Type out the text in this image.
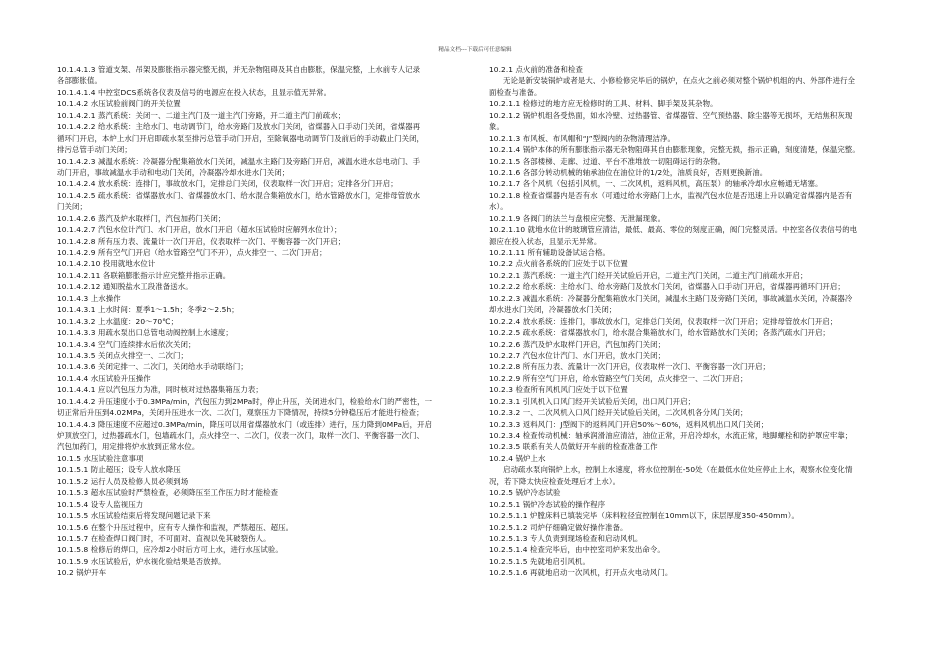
精品文档---下载后可任意编辑
10.1.4.1.3 管道支架、吊架及膨胀指示器完整无损，并无杂物阻碍及其自由膨胀，保温完整，上水前专人记录
各部膨胀值。
10.1.4.1.4 中控室DCS系统各仪表及信号的电源应在投入状态，且显示值无异常。
10.1.4.2 水压试验前阀门的开关位置
10.1.4.2.1 蒸汽系统：关闭一、二道主汽门及一道主汽门旁路，开二道主汽门前疏水；
10.1.4.2.2 给水系统：主给水门、电动调节门，给水旁路门及放水门关闭，省煤器入口手动门关闭，省煤器再
循环门开启，本炉上水门开启即疏水泵至排污总管手动门开启，至除氧器电动调节门及前后的手动截止门关闭，
排污总管手动门关闭；
10.1.4.2.3 减温水系统：冷凝器分配集箱放水门关闭，减温水主路门及旁路门开启，减温水进水总电动门、手
动门开启，事故减温水手动和电动门关闭，冷凝器冷却水进水门关闭；
10.1.4.2.4 放水系统：连排门，事故放水门，定排总门关闭，仪表取样一次门开启；定排各分门开启；
10.1.4.2.5 疏水系统：省煤器放水门、省煤器放水门、给水混合集箱放水门，给水管路放水门，定排母管放水
门关闭；
10.1.4.2.6 蒸汽及炉水取样门，汽包加药门关闭；
10.1.4.2.7 汽包水位计汽门、水门开启，放水门开启（超水压试验时应解列水位计）；
10.1.4.2.8 所有压力表、流量计一次门开启，仪表取样一次门、平衡容器一次门开启；
10.1.4.2.9 所有空气门开启（给水管路空气门不开），点火排空一、二次门开启；
10.1.4.2.10 投用就地水位计
10.1.4.2.11 各联箱膨胀指示计应完整并指示正确。
10.1.4.2.12 通知脱盐水工段准备送水。
10.1.4.3 上水操作
10.1.4.3.1 上水时间：夏季1～1.5h；冬季2～2.5h；
10.1.4.3.2 上水温度：20～70℃；
10.1.4.3.3 用疏水泵出口总管电动阀控制上水速度；
10.1.4.3.4 空气门连续排水后依次关闭；
10.1.4.3.5 关闭点火排空一、二次门；
10.1.4.3.6 关闭定排一、二次门，关闭给水手动联络门；
10.1.4.4 水压试验升压操作
10.1.4.4.1 应以汽包压力为准，同时核对过热器集箱压力表；
10.1.4.4.2 升压速度小于0.3MPa/min，汽包压力到2MPa时，停止升压，关闭进水门，检验给水门的严密性，一
切正常后升压到4.02MPa，关闭升压进水一次、二次门，观察压力下降情况，持续5分钟稳压后才能进行检查；
10.1.4.4.3 降压速度不应超过0.3MPa/min，降压可以用省煤器放水门（或连排）进行，压力降到0MPa后，开启
炉顶放空门，过热器疏水门，包墙疏水门，点火排空一、二次门，仪表一次门，取样一次门、平衡容器一次门、
汽包加药门，用定排将炉水放到正常水位。
10.1.5 水压试验注意事项
10.1.5.1 防止超压；设专人放水降压
10.1.5.2 运行人员及检修人员必须到场
10.1.5.3 超水压试验时严禁检查，必须降压至工作压力时才能检查
10.1.5.4 设专人监视压力
10.1.5.5 水压试验结束后将发现问题记录下来
10.1.5.6 在整个升压过程中，应有专人操作和监视，严禁超压、超压。
10.1.5.7 在检查焊口阀门时，不可面对、直视以免其破裂伤人。
10.1.5.8 检修后的焊口，应冷却2小时后方可上水，进行水压试验。
10.1.5.9 水压试验后，炉水视化验结果是否放掉。
10.2 锅炉开车
10.2.1 点火前的准备和检查
无论是新安装锅炉或者是大、小修检修完毕后的锅炉，在点火之前必须对整个锅炉机组的内、外部件进行全
面检查与准备。
10.2.1.1 检修过的地方应无检修时的工具、材料、脚手架及其杂物。
10.2.1.2 锅炉机组各受热面，如水冷壁、过热器管、省煤器管、空气预热器、除尘器等无损坏，无结焦积灰现
象。
10.2.1.3 布风板、布风帽和“J”型阀内的杂物清理洁净。
10.2.1.4 锅炉本体的所有膨胀指示器无杂物阻碍其自由膨胀现象，完整无损，指示正确，刻度清楚，保温完整。
10.2.1.5 各部楼梯、走廊、过道、平台不准堆放一切阻碍运行的杂物。
10.2.1.6 各部分转动机械的轴承油位在油位计的1/2处，油质良好，否则更换新油。
10.2.1.7 各个风机（包括引风机，一、二次风机，返料风机，高压泵）的轴承冷却水应畅通无堵塞。
10.2.1.8 检查省煤器内是否有水（可通过给水旁路门上水，监视汽包水位是否迅速上升以确定省煤器内是否有
水）。
10.2.1.9 各阀门的法兰与盘根应完整、无泄漏现象。
10.2.1.10 就地水位计的玻璃管应清洁，最低、最高、零位的刻度正确，阀门完整灵活。中控室各仪表信号的电
源应在投入状态，且显示无异常。
10.2.1.11 所有辅助设备试运合格。
10.2.2 点火前各系统的门应处于以下位置
10.2.2.1 蒸汽系统：一道主汽门经开关试验后开启，二道主汽门关闭，二道主汽门前疏水开启；
10.2.2.2 给水系统：主给水门、给水旁路门及放水门关闭，省煤器入口手动门开启，省煤器再循环门开启；
10.2.2.3 减温水系统：冷凝器分配集箱放水门关闭，减温水主路门及旁路门关闭，事故减温水关闭，冷凝器冷
却水进水门关闭，冷凝器放水门关闭；
10.2.2.4 放水系统：连排门，事故放水门，定排总门关闭，仪表取样一次门开启；定排母管放水门开启；
10.2.2.5 疏水系统：省煤器放水门，给水混合集箱放水门，给水管路放水门关闭；各蒸汽疏水门开启；
10.2.2.6 蒸汽及炉水取样门开启，汽包加药门关闭；
10.2.2.7 汽包水位计汽门、水门开启，放水门关闭；
10.2.2.8 所有压力表、流量计一次门开启，仪表取样一次门、平衡容器一次门开启；
10.2.2.9 所有空气门开启，给水管路空气门关闭，点火排空一、二次门开启；
10.2.3 检查所有风机风门应处于以下位置
10.2.3.1 引风机入口风门经开关试验后关闭，出口风门开启；
10.2.3.2 一、二次风机入口风门经开关试验后关闭，二次风机各分风门关闭；
10.2.3.3 返料风门：J型阀下的返料风门开启50%～60%，返料风机出口风门关闭；
10.2.3.4 检查传动机械：轴承润滑油应清洁，油位正常，开启冷却水，水流正常，地脚螺栓和防护罩应牢靠；
10.2.3.5 联系有关人员做好开车前的检查准备工作
10.2.4 锅炉上水
启动疏水泵向锅炉上水，控制上水速度，将水位控制在-50处（在最低水位处应停止上水，观察水位变化情
况，若下降太快应检查处理后才上水）。
10.2.5 锅炉冷态试验
10.2.5.1 锅炉冷态试验的操作程序
10.2.5.1.1 炉膛床料已填装完毕（床料粒径宜控制在10mm以下，床层厚度350-450mm）。
10.2.5.1.2 司炉仔细确定做好操作准备。
10.2.5.1.3 专人负责到现场检查和启动风机。
10.2.5.1.4 检查完毕后，由中控室司炉来发出命令。
10.2.5.1.5 先就地启引风机。
10.2.5.1.6 再就地启动一次风机，打开点火电动风门。
